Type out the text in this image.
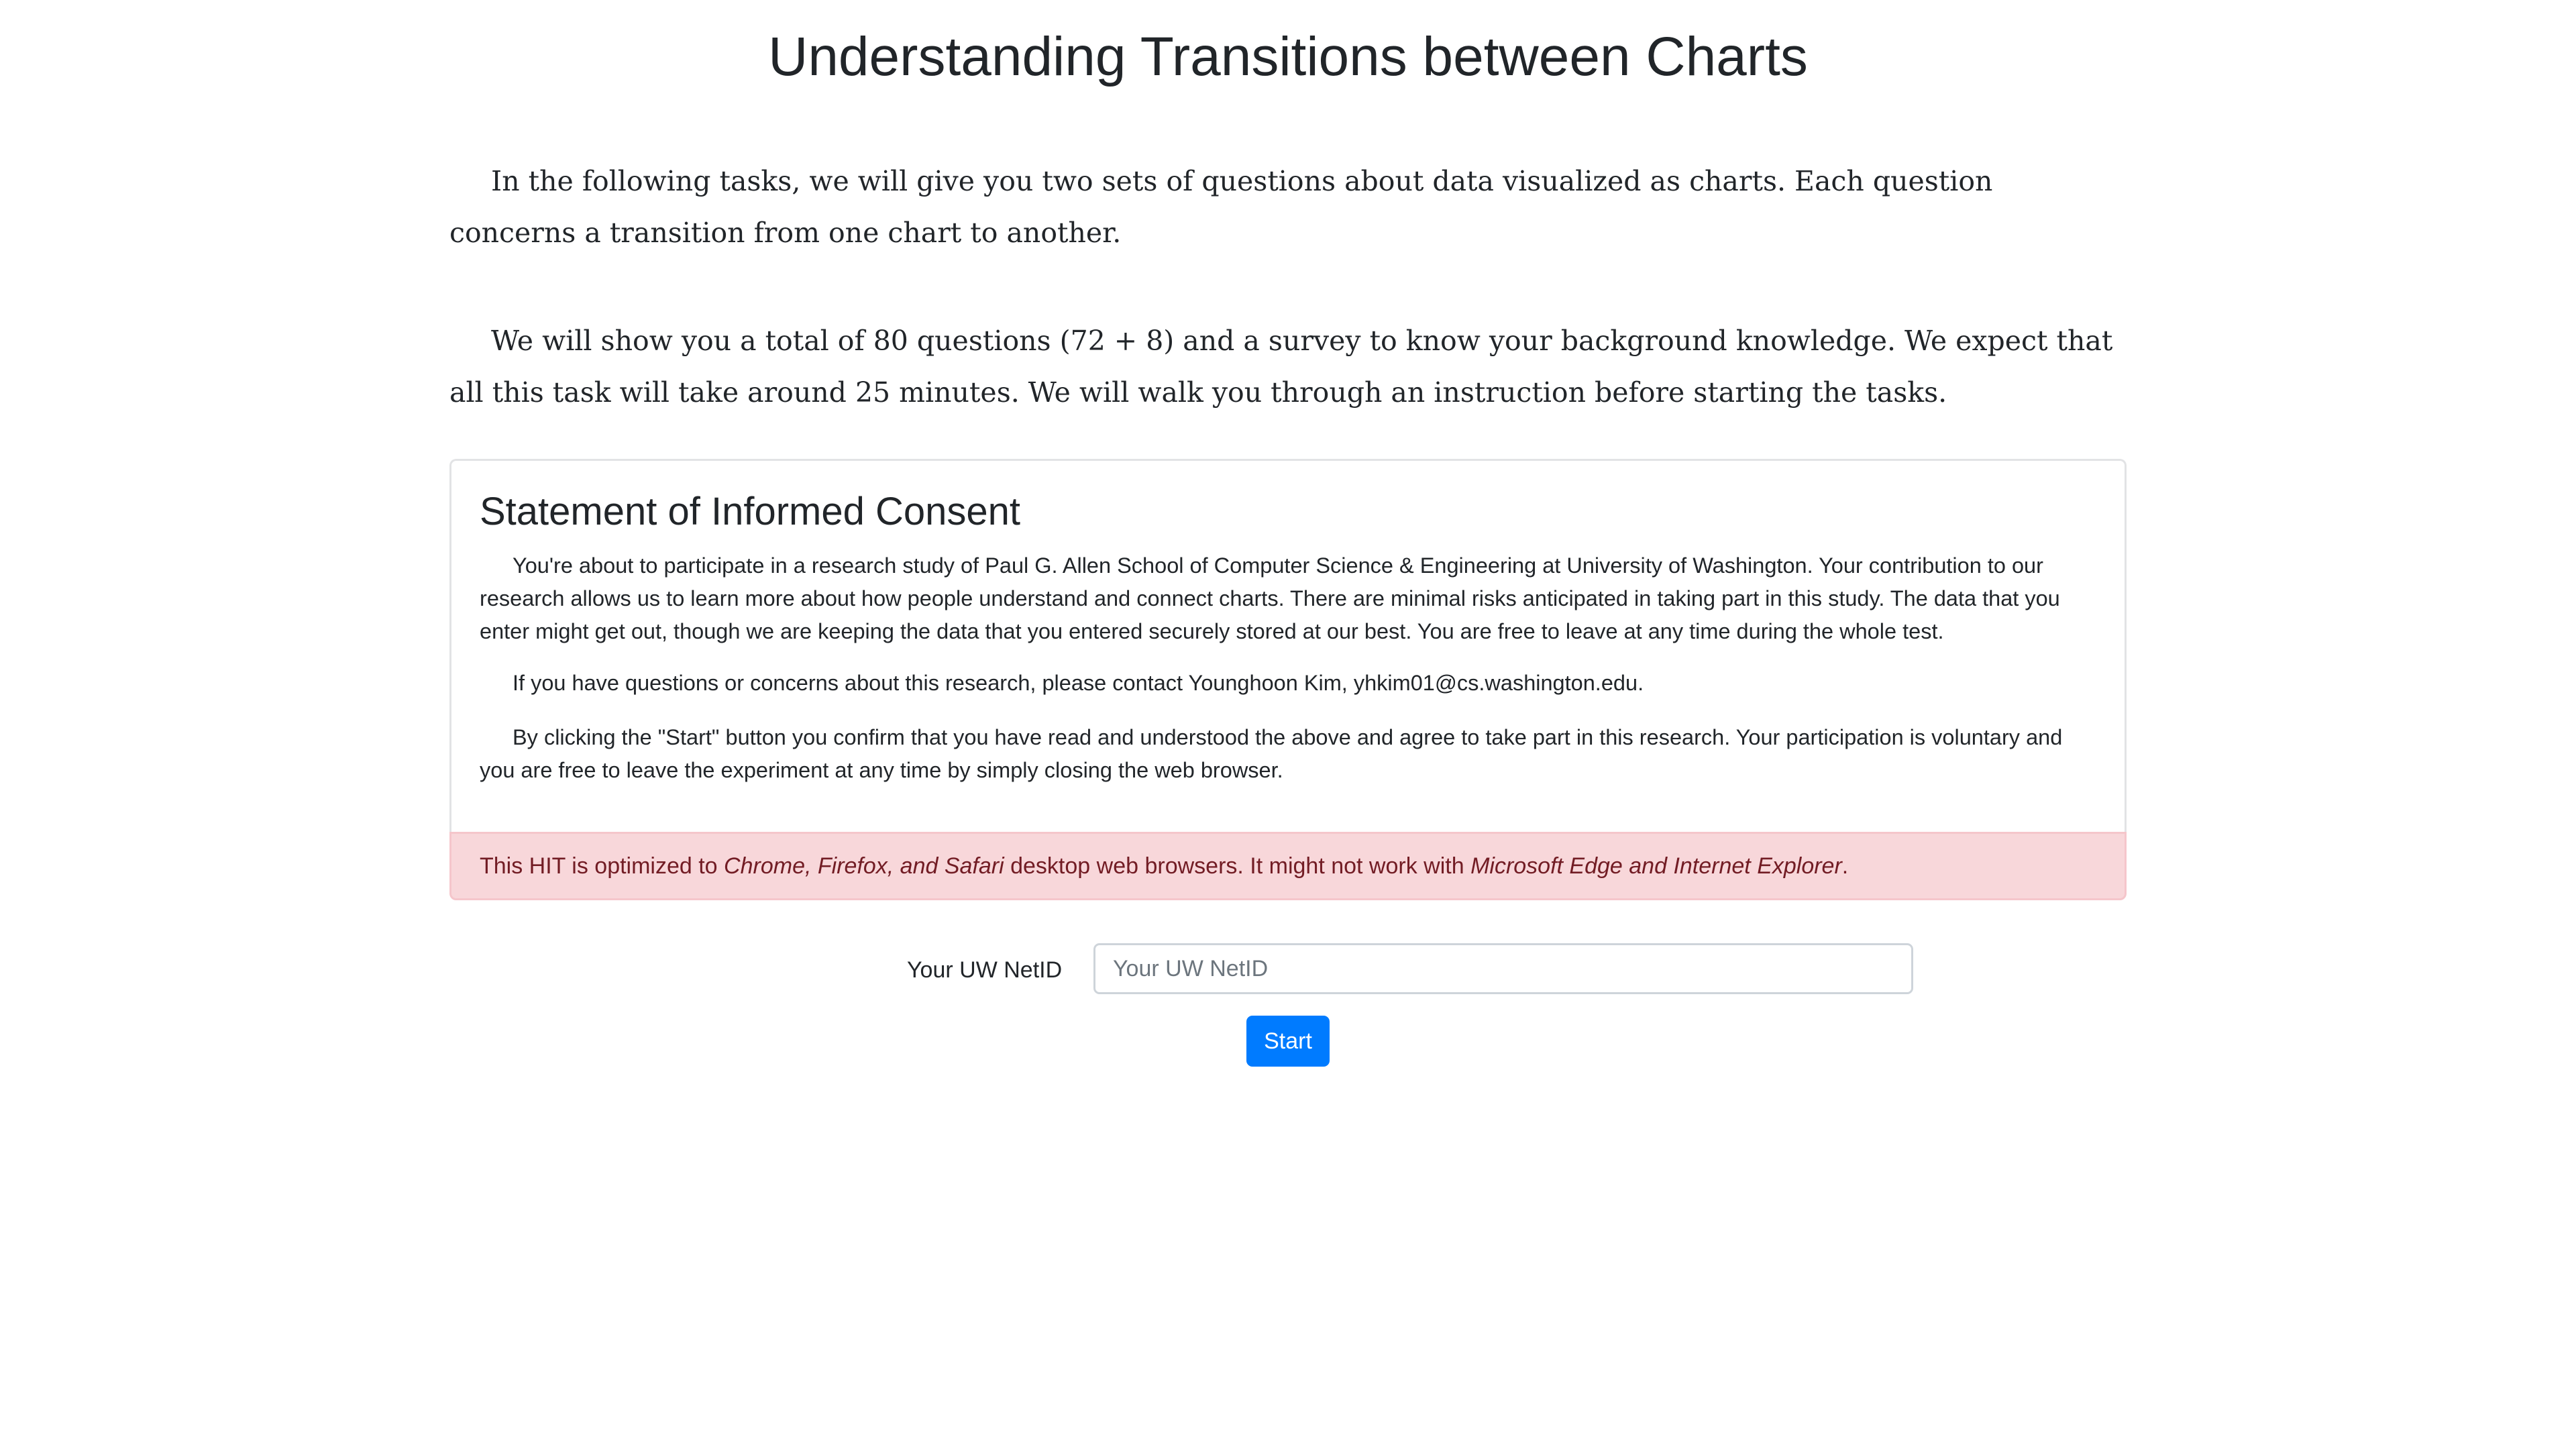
Understanding Transitions between Charts

In the following tasks, we will give you two sets of questions about data visualized as charts. Each question concerns a transition from one chart to another.

We will show you a total of 80 questions (72 + 8) and a survey to know your background knowledge. We expect that all this task will take around 25 minutes. We will walk you through an instruction before starting the tasks.

Statement of Informed Consent

You're about to participate in a research study of Paul G. Allen School of Computer Science & Engineering at University of Washington. Your contribution to our research allows us to learn more about how people understand and connect charts. There are minimal risks anticipated in taking part in this study. The data that you enter might get out, though we are keeping the data that you entered securely stored at our best. You are free to leave at any time during the whole test.

If you have questions or concerns about this research, please contact Younghoon Kim, yhkim01@cs.washington.edu.

By clicking the "Start" button you confirm that you have read and understood the above and agree to take part in this research. Your participation is voluntary and you are free to leave the experiment at any time by simply closing the web browser.

This HIT is optimized to Chrome, Firefox, and Safari desktop web browsers. It might not work with Microsoft Edge and Internet Explorer.
Your UW NetID
Your UW NetID
Start
